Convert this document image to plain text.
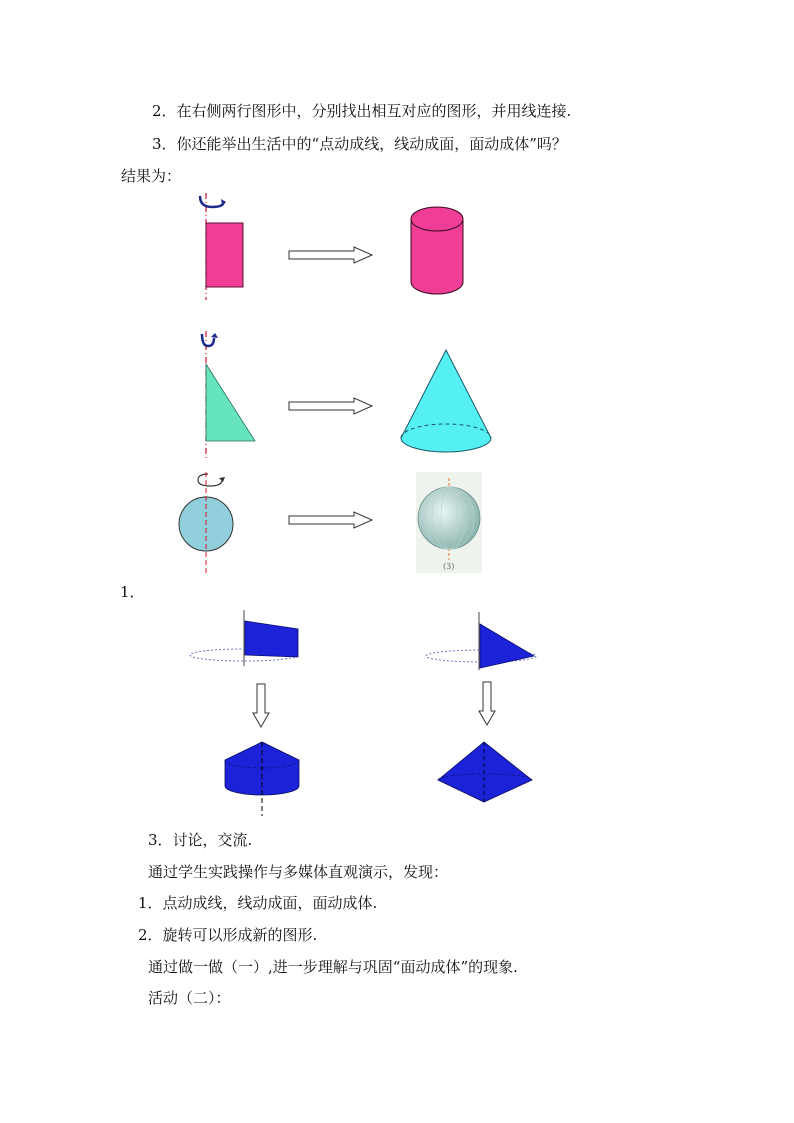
2．在右侧两行图形中，分别找出相互对应的图形，并用线连接.
3．你还能举出生活中的“点动成线，线动成面，面动成体”吗？
结果为：
(3)
1．
3．讨论，交流.
通过学生实践操作与多媒体直观演示，发现：
1．点动成线，线动成面，面动成体.
2．旋转可以形成新的图形.
通过做一做（一）,进一步理解与巩固“面动成体”的现象.
活动（二）：
